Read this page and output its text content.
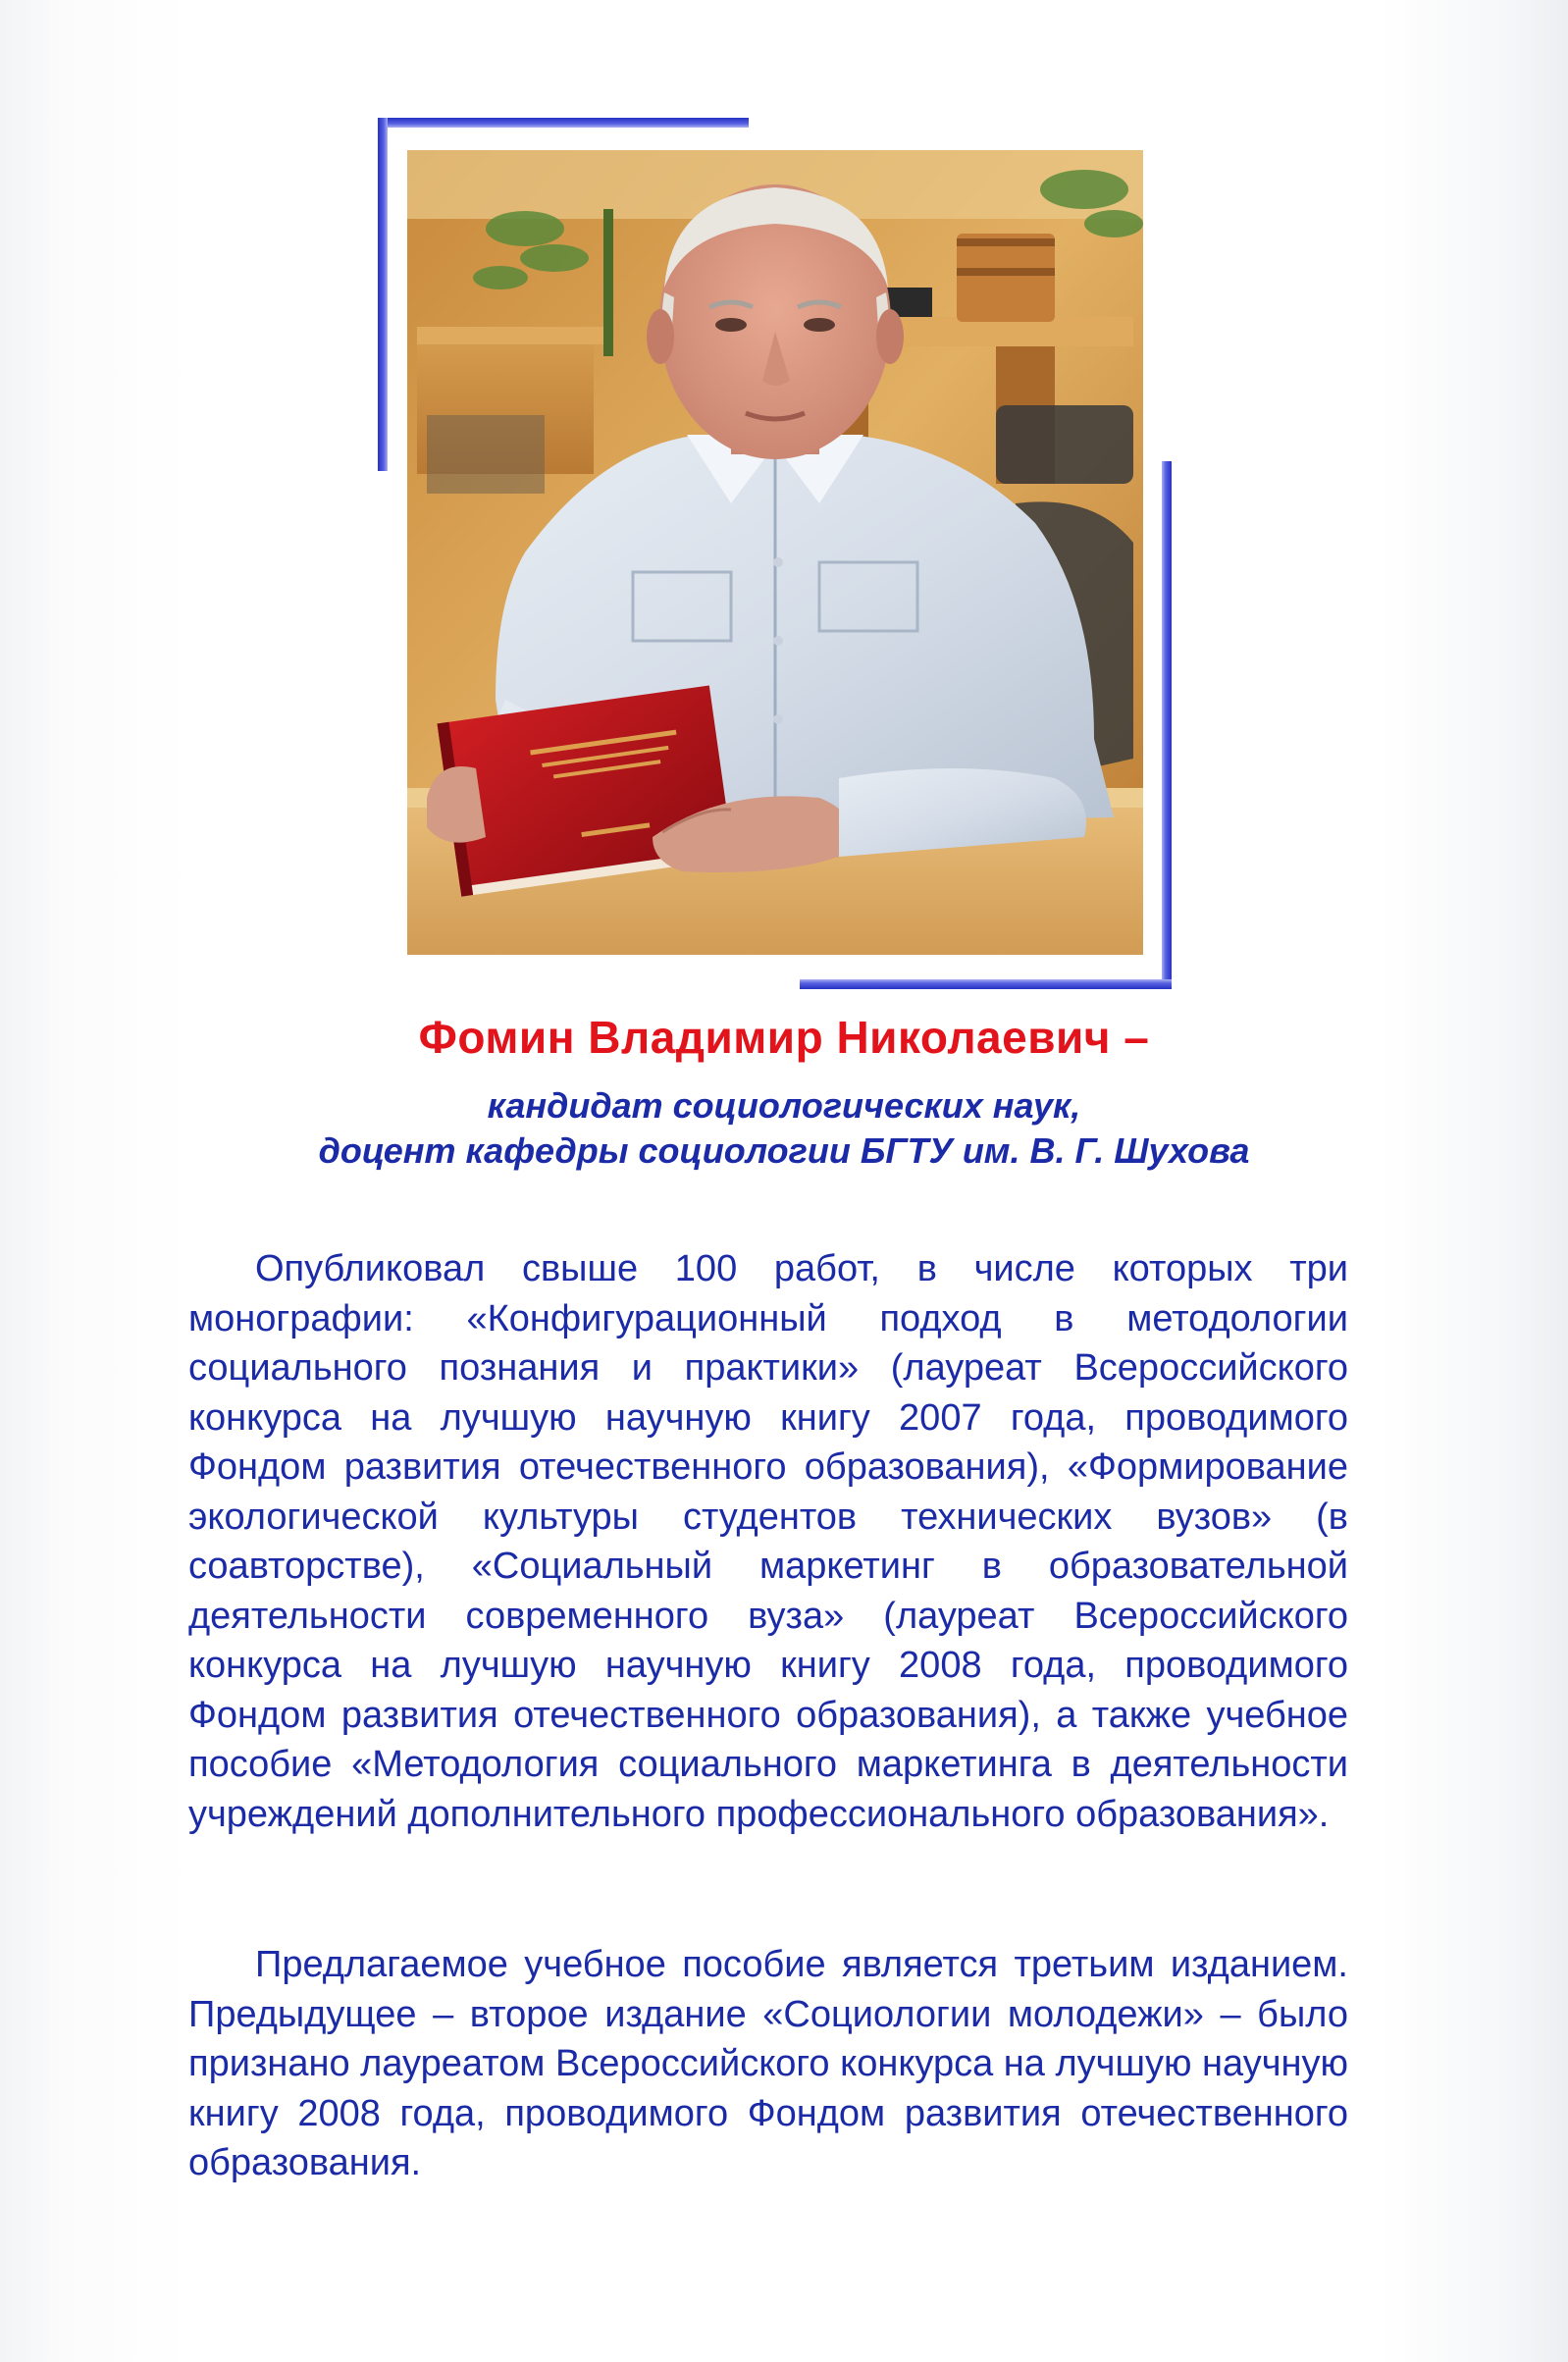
Фомин Владимир Николаевич –
кандидат социологических наук,
доцент кафедры социологии БГТУ им. В. Г. Шухова

Опубликовал свыше 100 работ, в числе которых три монографии: «Конфигурационный подход в методологии социального познания и практики» (лауреат Всероссийского конкурса на лучшую научную книгу 2007 года, проводимого Фондом развития отечественного образования), «Формирование экологической культуры студентов технических вузов» (в соавторстве), «Социальный маркетинг в образовательной деятельности современного вуза» (лауреат Всероссийского конкурса на лучшую научную книгу 2008 года, проводимого Фондом развития отечественного образования), а также учебное пособие «Методология социального маркетинга в деятельности учреждений дополнительного профессионального образования».

Предлагаемое учебное пособие является третьим изданием. Предыдущее – второе издание «Социологии молодежи» – было признано лауреатом Всероссийского конкурса на лучшую научную книгу 2008 года, проводимого Фондом развития отечественного образования.
